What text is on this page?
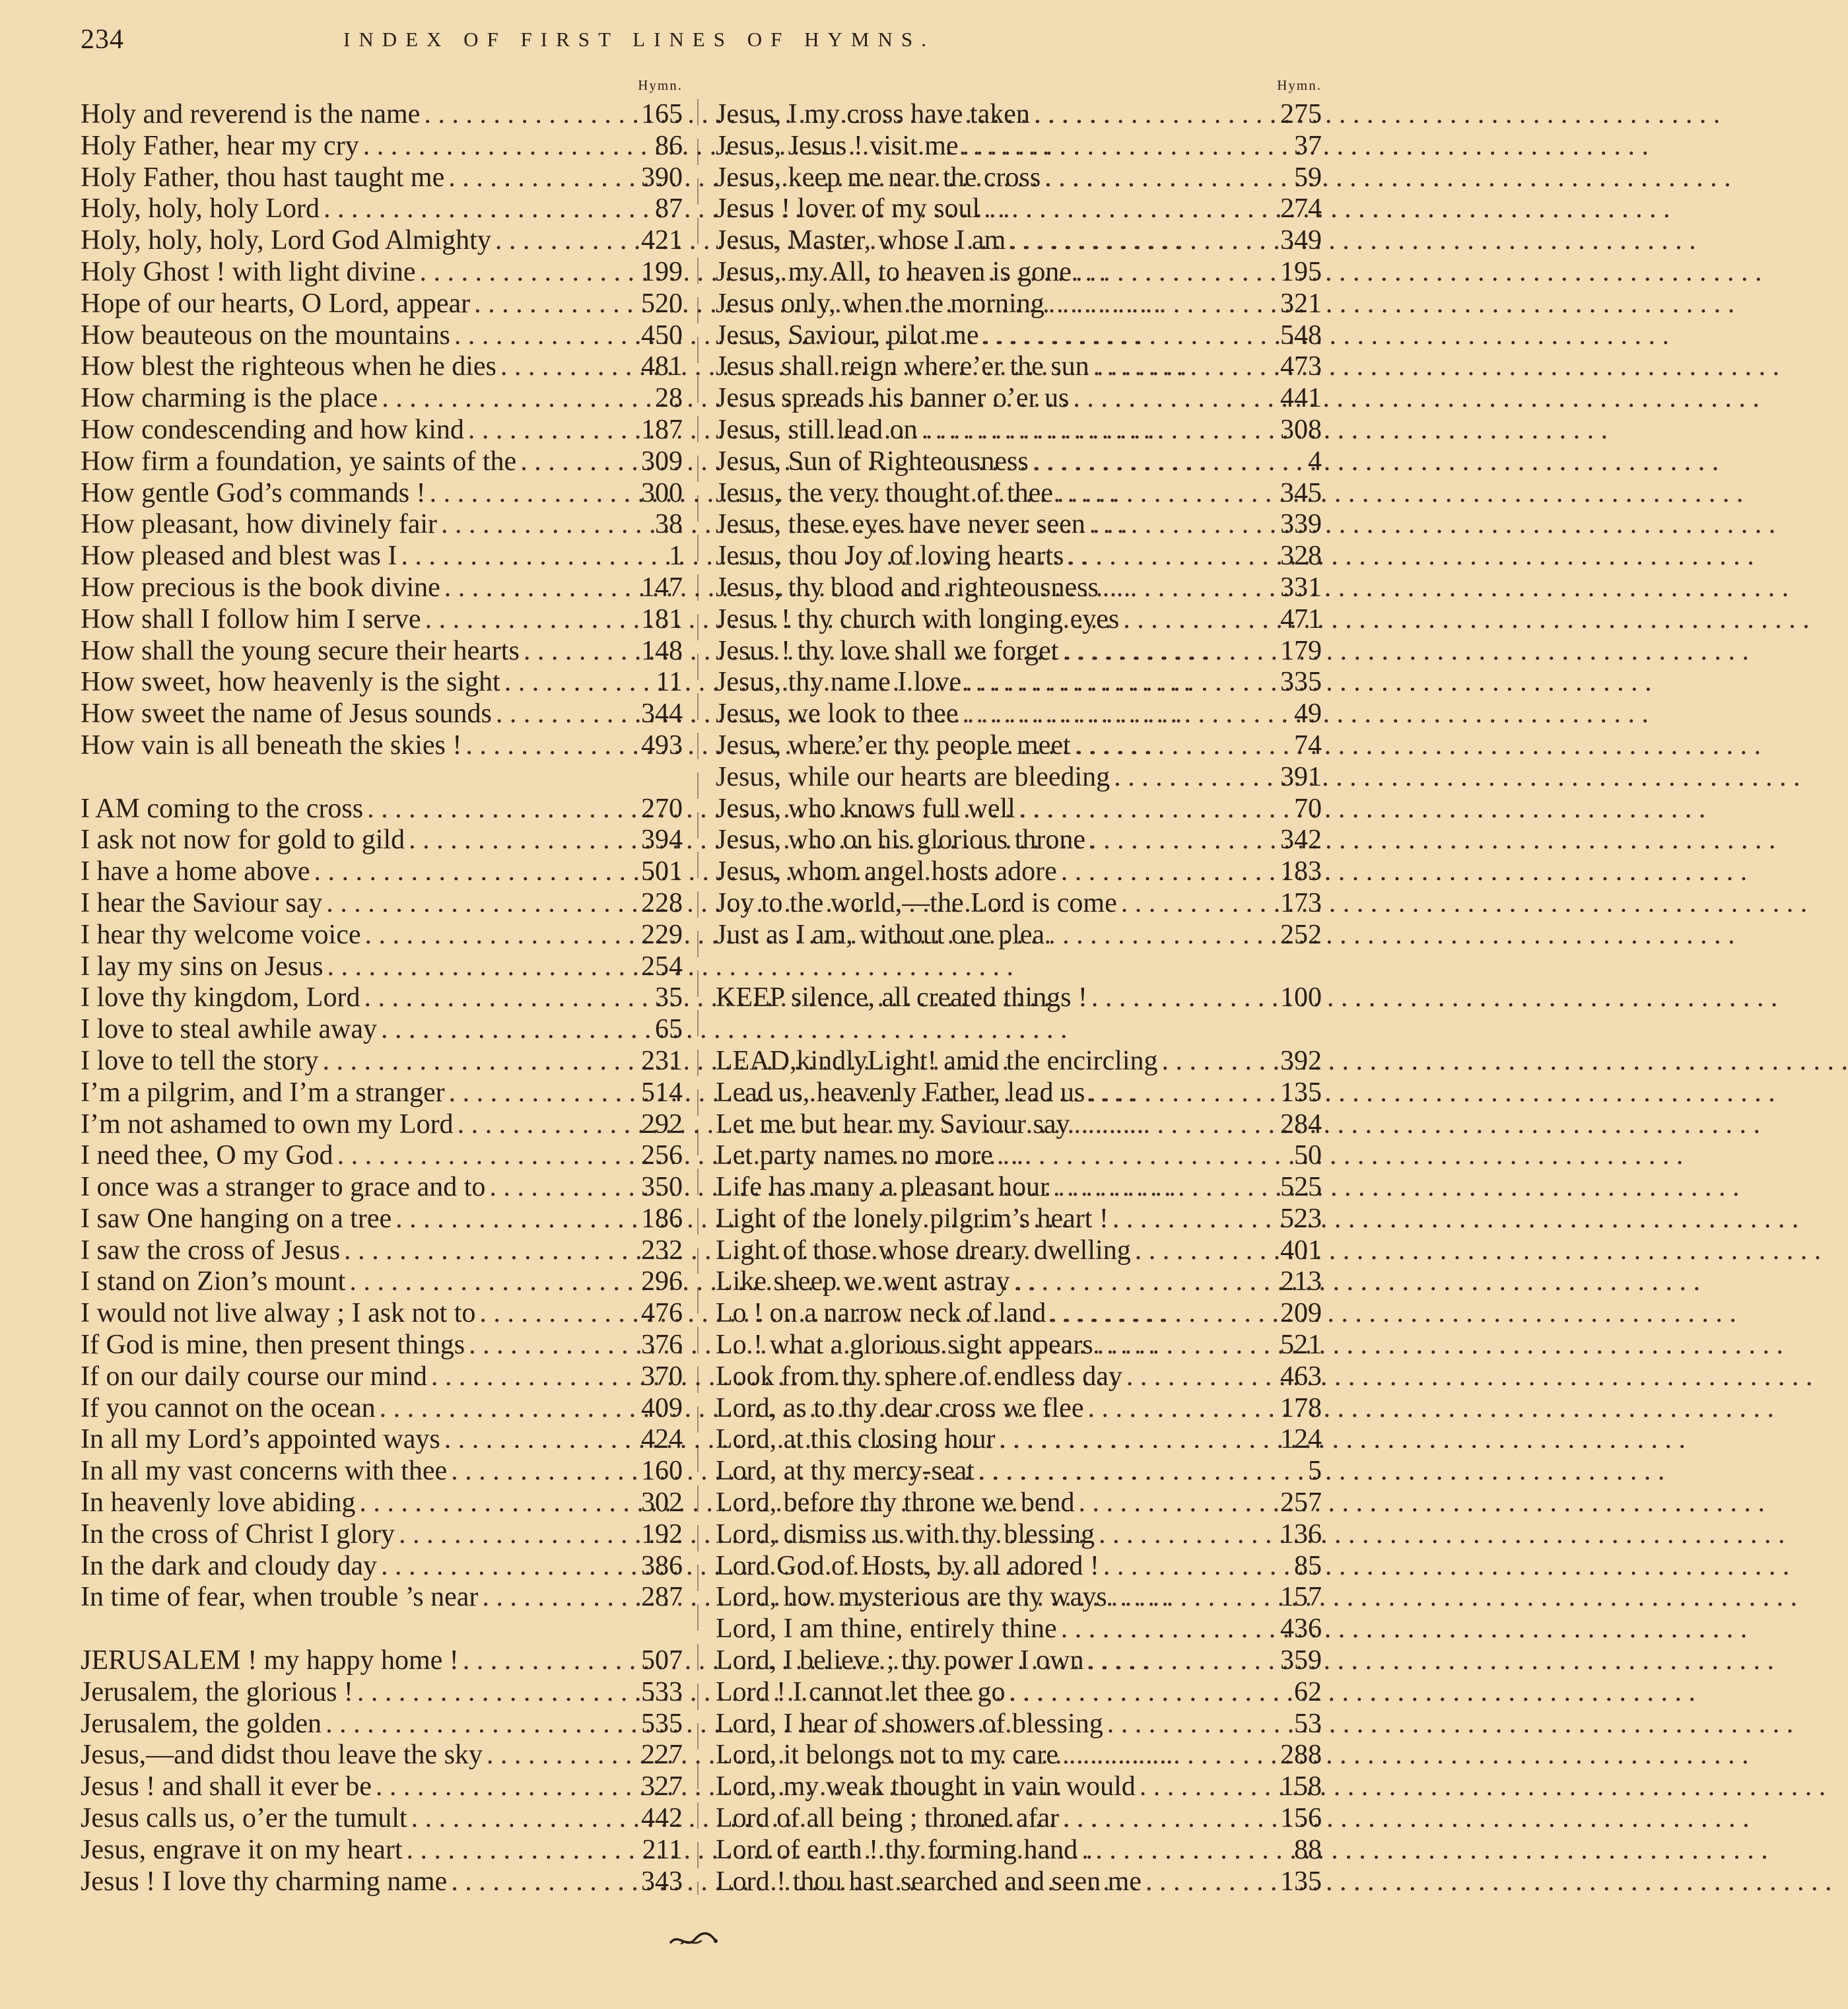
234	INDEX OF FIRST LINES OF HYMNS.
Hymn.
Holy and reverend is the name . . .	165
Holy Father, hear my cry . . .	86
Holy Father, thou hast taught me . . .	390
Holy, holy, holy Lord . . .	87
Holy, holy, holy, Lord God Almighty . . .	421
Holy Ghost ! with light divine . . .	199
Hope of our hearts, O Lord, appear . . .	520
How beauteous on the mountains . . .	450
How blest the righteous when he dies . . .	481
How charming is the place . . .	28
How condescending and how kind . . .	187
How firm a foundation, ye saints of the . . .	309
How gentle God’s commands ! . . .	300
How pleasant, how divinely fair . . .	38
How pleased and blest was I . . .	1
How precious is the book divine . . .	147
How shall I follow him I serve . . .	181
How shall the young secure their hearts . . .	148
How sweet, how heavenly is the sight . . .	11
How sweet the name of Jesus sounds . . .	344
How vain is all beneath the skies ! . . .	493
I AM coming to the cross . . .	270
I ask not now for gold to gild . . .	394
I have a home above . . .	501
I hear the Saviour say . . .	228
I hear thy welcome voice . . .	229
I lay my sins on Jesus . . .	254
I love thy kingdom, Lord . . .	35
I love to steal awhile away . . .	65
I love to tell the story . . .	231
I’m a pilgrim, and I’m a stranger . . .	514
I’m not ashamed to own my Lord . . .	292
I need thee, O my God . . .	256
I once was a stranger to grace and to . . .	350
I saw One hanging on a tree . . .	186
I saw the cross of Jesus . . .	232
I stand on Zion’s mount . . .	296
I would not live alway ; I ask not to . . .	476
If God is mine, then present things . . .	376
If on our daily course our mind . . .	370
If you cannot on the ocean . . .	409
In all my Lord’s appointed ways . . .	424
In all my vast concerns with thee . . .	160
In heavenly love abiding . . .	302
In the cross of Christ I glory . . .	192
In the dark and cloudy day . . .	386
In time of fear, when trouble ’s near . . .	287
JERUSALEM ! my happy home ! . . .	507
Jerusalem, the glorious ! . . .	533
Jerusalem, the golden . . .	535
Jesus,—and didst thou leave the sky . . .	227
Jesus ! and shall it ever be . . .	327
Jesus calls us, o’er the tumult . . .	442
Jesus, engrave it on my heart . . .	211
Jesus ! I love thy charming name . . .	343
Hymn.
Jesus, I my cross have taken . . .	275
Jesus, Jesus ! visit me . . .	37
Jesus, keep me near the cross . . .	59
Jesus ! lover of my soul . . .	274
Jesus, Master, whose I am . . .	349
Jesus, my All, to heaven is gone . . .	195
Jesus only, when the morning . . .	321
Jesus, Saviour, pilot me . . .	548
Jesus shall reign where’er the sun . . .	473
Jesus spreads his banner o’er us . . .	441
Jesus, still lead on . . .	308
Jesus, Sun of Righteousness . . .	4
Jesus, the very thought of thee . . .	345
Jesus, these eyes have never seen . . .	339
Jesus, thou Joy of loving hearts . . .	328
Jesus, thy blood and righteousness . . .	331
Jesus ! thy church with longing eyes . . .	471
Jesus ! thy love shall we forget . . .	179
Jesus, thy name I love . . .	335
Jesus, we look to thee . . .	49
Jesus, where’er thy people meet . . .	74
Jesus, while our hearts are bleeding . . .	391
Jesus, who knows full well . . .	70
Jesus, who on his glorious throne . . .	342
Jesus, whom angel hosts adore . . .	183
Joy to the world,—the Lord is come . . .	173
Just as I am, without one plea . . .	252
KEEP silence, all created things ! . . .	100
LEAD,kindlyLight! amid the encircling . . .	392
Lead us, heavenly Father, lead us . . .	135
Let me but hear my Saviour say . . .	284
Let party names no more . . .	50
Life has many a pleasant hour . . .	525
Light of the lonely pilgrim’s heart ! . . .	523
Light of those whose dreary dwelling . . .	401
Like sheep we went astray . . .	213
Lo ! on a narrow neck of land . . .	209
Lo ! what a glorious sight appears . . .	521
Look from thy sphere of endless day . . .	463
Lord, as to thy dear cross we flee . . .	178
Lord, at this closing hour . . .	124
Lord, at thy mercy-seat . . .	5
Lord, before thy throne we bend . . .	257
Lord, dismiss us with thy blessing . . .	136
Lord God of Hosts, by all adored ! . . .	85
Lord, how mysterious are thy ways . . .	157
Lord, I am thine, entirely thine . . .	436
Lord, I believe ; thy power I own . . .	359
Lord ! I cannot let thee go . . .	62
Lord, I hear of showers of blessing . . .	53
Lord, it belongs not to my care . . .	288
Lord, my weak thought in vain would . . .	158
Lord of all being ; throned afar . . .	156
Lord of earth ! thy forming hand . . .	88
Lord ! thou hast searched and seen me . . .	135
